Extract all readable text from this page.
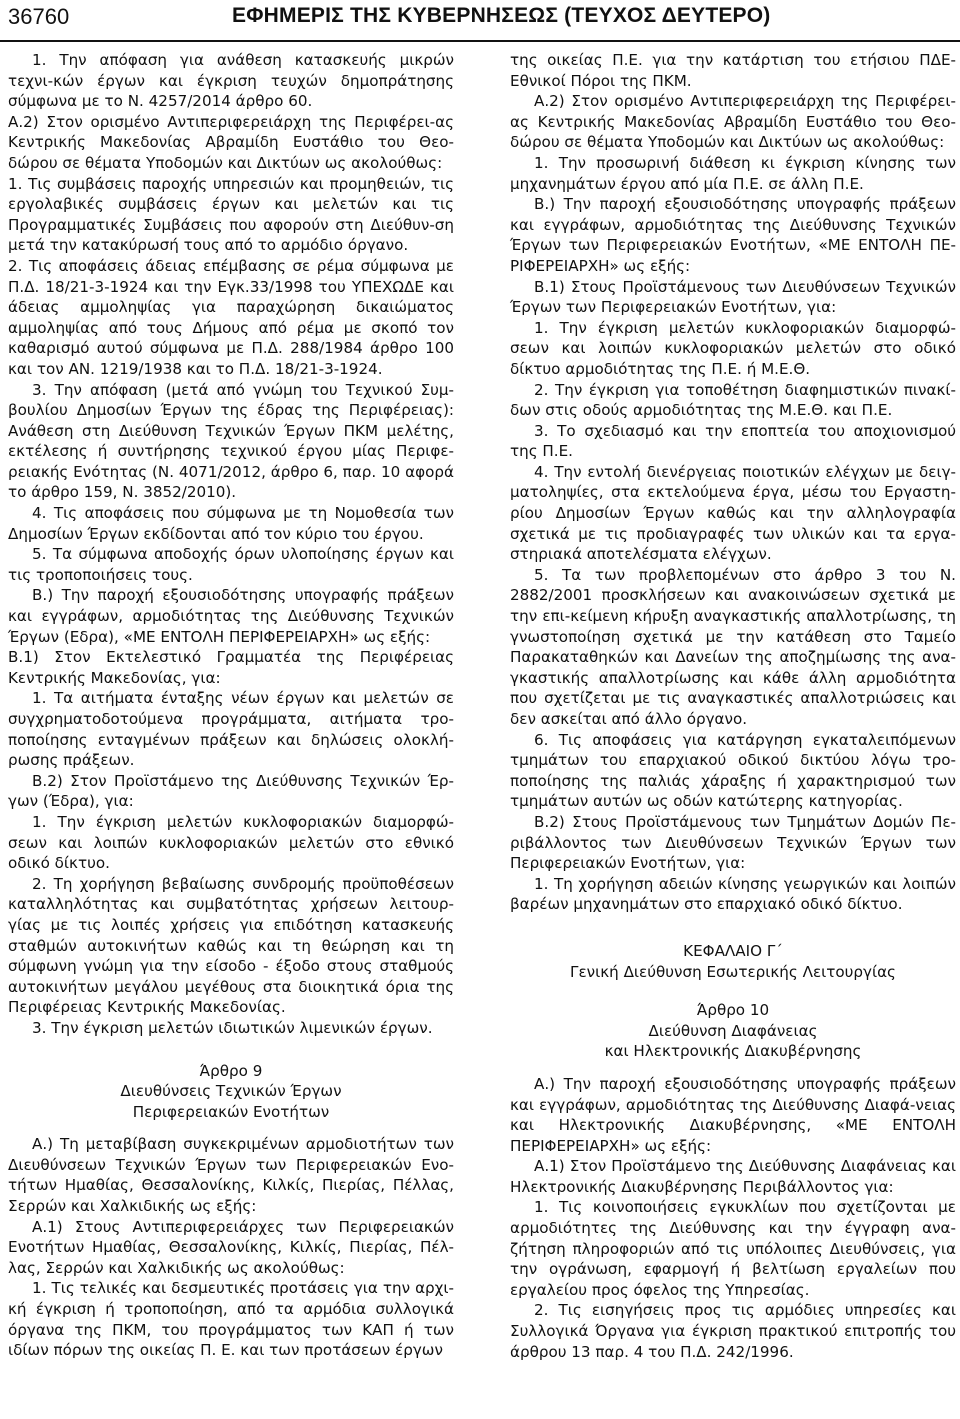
36760	ΕΦΗΜΕΡΙΣ ΤΗΣ ΚΥΒΕΡΝΗΣΕΩΣ (ΤΕΥΧΟΣ ΔΕΥΤΕΡΟ)

1. Την απόφαση για ανάθεση κατασκευής μικρών τεχνι-κών έργων και έγκριση τευχών δημοπράτησης σύμφωνα με το Ν. 4257/2014 άρθρο 60.

Α.2) Στον ορισμένο Αντιπεριφερειάρχη της Περιφέρει-ας Κεντρικής Μακεδονίας Αβραμίδη Ευστάθιο του Θεο-δώρου σε θέματα Υποδομών και Δικτύων ως ακολούθως:

1. Τις συμβάσεις παροχής υπηρεσιών και προμηθειών, τις εργολαβικές συμβάσεις έργων και μελετών και τις Προγραμματικές Συμβάσεις που αφορούν στη Διεύθυν-ση μετά την κατακύρωσή τους από το αρμόδιο όργανο.

2. Τις αποφάσεις άδειας επέμβασης σε ρέμα σύμφωνα με Π.Δ. 18/21-3-1924 και την Εγκ.33/1998 του ΥΠΕΧΩΔΕ και άδειας αμμοληψίας για παραχώρηση δικαιώματος αμμοληψίας από τους Δήμους από ρέμα με σκοπό τον καθαρισμό αυτού σύμφωνα με Π.Δ. 288/1984 άρθρο 100 και τον ΑΝ. 1219/1938 και το Π.Δ. 18/21-3-1924.

3. Την απόφαση (μετά από γνώμη του Τεχνικού Συμ-βουλίου Δημοσίων Έργων της έδρας της Περιφέρειας): Ανάθεση στη Διεύθυνση Τεχνικών Έργων ΠΚΜ μελέτης, εκτέλεσης ή συντήρησης τεχνικού έργου μίας Περιφε-ρειακής Ενότητας (Ν. 4071/2012, άρθρο 6, παρ. 10 αφορά το άρθρο 159, Ν. 3852/2010).

4. Τις αποφάσεις που σύμφωνα με τη Νομοθεσία των Δημοσίων Έργων εκδίδονται από τον κύριο του έργου.

5. Τα σύμφωνα αποδοχής όρων υλοποίησης έργων και τις τροποποιήσεις τους.

Β.) Την παροχή εξουσιοδότησης υπογραφής πράξεων και εγγράφων, αρμοδιότητας της Διεύθυνσης Τεχνικών Έργων (Εδρα), «ΜΕ ΕΝΤΟΛΗ ΠΕΡΙΦΕΡΕΙΑΡΧΗ» ως εξής:

Β.1) Στον Εκτελεστικό Γραμματέα της Περιφέρειας Κεντρικής Μακεδονίας, για:

1. Τα αιτήματα ένταξης νέων έργων και μελετών σε συγχρηματοδοτούμενα προγράμματα, αιτήματα τρο-ποποίησης ενταγμένων πράξεων και δηλώσεις ολοκλή-ρωσης πράξεων.

Β.2) Στον Προϊστάμενο της Διεύθυνσης Τεχνικών Έρ-γων (Έδρα), για:

1. Την έγκριση μελετών κυκλοφοριακών διαμορφώ-σεων και λοιπών κυκλοφοριακών μελετών στο εθνικό οδικό δίκτυο.

2. Τη χορήγηση βεβαίωσης συνδρομής προϋποθέσεων καταλληλότητας και συμβατότητας χρήσεων λειτουρ-γίας με τις λοιπές χρήσεις για επιδότηση κατασκευής σταθμών αυτοκινήτων καθώς και τη θεώρηση και τη σύμφωνη γνώμη για την είσοδο - έξοδο στους σταθμούς αυτοκινήτων μεγάλου μεγέθους στα διοικητικά όρια της Περιφέρειας Κεντρικής Μακεδονίας.

3. Την έγκριση μελετών ιδιωτικών λιμενικών έργων.

Άρθρο 9

Διευθύνσεις Τεχνικών Έργων
Περιφερειακών Ενοτήτων

Α.) Τη μεταβίβαση συγκεκριμένων αρμοδιοτήτων των Διευθύνσεων Τεχνικών Έργων των Περιφερειακών Ενο-τήτων Ημαθίας, Θεσσαλονίκης, Κιλκίς, Πιερίας, Πέλλας, Σερρών και Χαλκιδικής ως εξής:

Α.1) Στους Αντιπεριφερειάρχες των Περιφερειακών Ενοτήτων Ημαθίας, Θεσσαλονίκης, Κιλκίς, Πιερίας, Πέλ-λας, Σερρών και Χαλκιδικής ως ακολούθως:

1. Τις τελικές και δεσμευτικές προτάσεις για την αρχι-κή έγκριση ή τροποποίηση, από τα αρμόδια συλλογικά όργανα της ΠΚΜ, του προγράμματος των ΚΑΠ ή των ιδίων πόρων της οικείας Π. Ε. και των προτάσεων έργων

της οικείας Π.Ε. για την κατάρτιση του ετήσιου ΠΔΕ-Εθνικοί Πόροι της ΠΚΜ.

Α.2) Στον ορισμένο Αντιπεριφερειάρχη της Περιφέρει-ας Κεντρικής Μακεδονίας Αβραμίδη Ευστάθιο του Θεο-δώρου σε θέματα Υποδομών και Δικτύων ως ακολούθως:

1. Την προσωρινή διάθεση κι έγκριση κίνησης των μηχανημάτων έργου από μία Π.Ε. σε άλλη Π.Ε.

Β.) Την παροχή εξουσιοδότησης υπογραφής πράξεων και εγγράφων, αρμοδιότητας της Διεύθυνσης Τεχνικών Έργων των Περιφερειακών Ενοτήτων, «ΜΕ ΕΝΤΟΛΗ ΠΕ-ΡΙΦΕΡΕΙΑΡΧΗ» ως εξής:

Β.1) Στους Προϊστάμενους των Διευθύνσεων Τεχνικών Έργων των Περιφερειακών Ενοτήτων, για:

1. Την έγκριση μελετών κυκλοφοριακών διαμορφώ-σεων και λοιπών κυκλοφοριακών μελετών στο οδικό δίκτυο αρμοδιότητας της Π.Ε. ή Μ.Ε.Θ.

2. Την έγκριση για τοποθέτηση διαφημιστικών πινακί-δων στις οδούς αρμοδιότητας της Μ.Ε.Θ. και Π.Ε.

3. Το σχεδιασμό και την εποπτεία του αποχιονισμού της Π.Ε.

4. Την εντολή διενέργειας ποιοτικών ελέγχων με δειγ-ματοληψίες, στα εκτελούμενα έργα, μέσω του Εργαστη-ρίου Δημοσίων Έργων καθώς και την αλληλογραφία σχετικά με τις προδιαγραφές των υλικών και τα εργα-στηριακά αποτελέσματα ελέγχων.

5. Τα των προβλεπομένων στο άρθρο 3 του Ν. 2882/2001 προσκλήσεων και ανακοινώσεων σχετικά με την επι-κείμενη κήρυξη αναγκαστικής απαλλοτρίωσης, τη γνωστοποίηση σχετικά με την κατάθεση στο Ταμείο Παρακαταθηκών και Δανείων της αποζημίωσης της ανα-γκαστικής απαλλοτρίωσης και κάθε άλλη αρμοδιότητα που σχετίζεται με τις αναγκαστικές απαλλοτριώσεις και δεν ασκείται από άλλο όργανο.

6. Τις αποφάσεις για κατάργηση εγκαταλειπόμενων τμημάτων του επαρχιακού οδικού δικτύου λόγω τρο-ποποίησης της παλιάς χάραξης ή χαρακτηρισμού των τμημάτων αυτών ως οδών κατώτερης κατηγορίας.

Β.2) Στους Προϊστάμενους των Τμημάτων Δομών Πε-ριβάλλοντος των Διευθύνσεων Τεχνικών Έργων των Περιφερειακών Ενοτήτων, για:

1. Τη χορήγηση αδειών κίνησης γεωργικών και λοιπών βαρέων μηχανημάτων στο επαρχιακό οδικό δίκτυο.

ΚΕΦΑΛΑΙΟ Γ΄

Γενική Διεύθυνση Εσωτερικής Λειτουργίας

Άρθρο 10

Διεύθυνση Διαφάνειας
και Ηλεκτρονικής Διακυβέρνησης

Α.) Την παροχή εξουσιοδότησης υπογραφής πράξεων και εγγράφων, αρμοδιότητας της Διεύθυνσης Διαφά-νειας και Ηλεκτρονικής Διακυβέρνησης, «ΜΕ ΕΝΤΟΛΗ ΠΕΡΙΦΕΡΕΙΑΡΧΗ» ως εξής:

Α.1) Στον Προϊστάμενο της Διεύθυνσης Διαφάνειας και Ηλεκτρονικής Διακυβέρνησης Περιβάλλοντος για:

1. Τις κοινοποιήσεις εγκυκλίων που σχετίζονται με αρμοδιότητες της Διεύθυνσης και την έγγραφη ανα-ζήτηση πληροφοριών από τις υπόλοιπες Διευθύνσεις, για την ογράνωση, εφαρμογή ή βελτίωση εργαλείων που εργαλείου προς όφελος της Υπηρεσίας.

2. Τις εισηγήσεις προς τις αρμόδιες υπηρεσίες και Συλλογικά Όργανα για έγκριση πρακτικού επιτροπής του άρθρου 13 παρ. 4 του Π.Δ. 242/1996.
